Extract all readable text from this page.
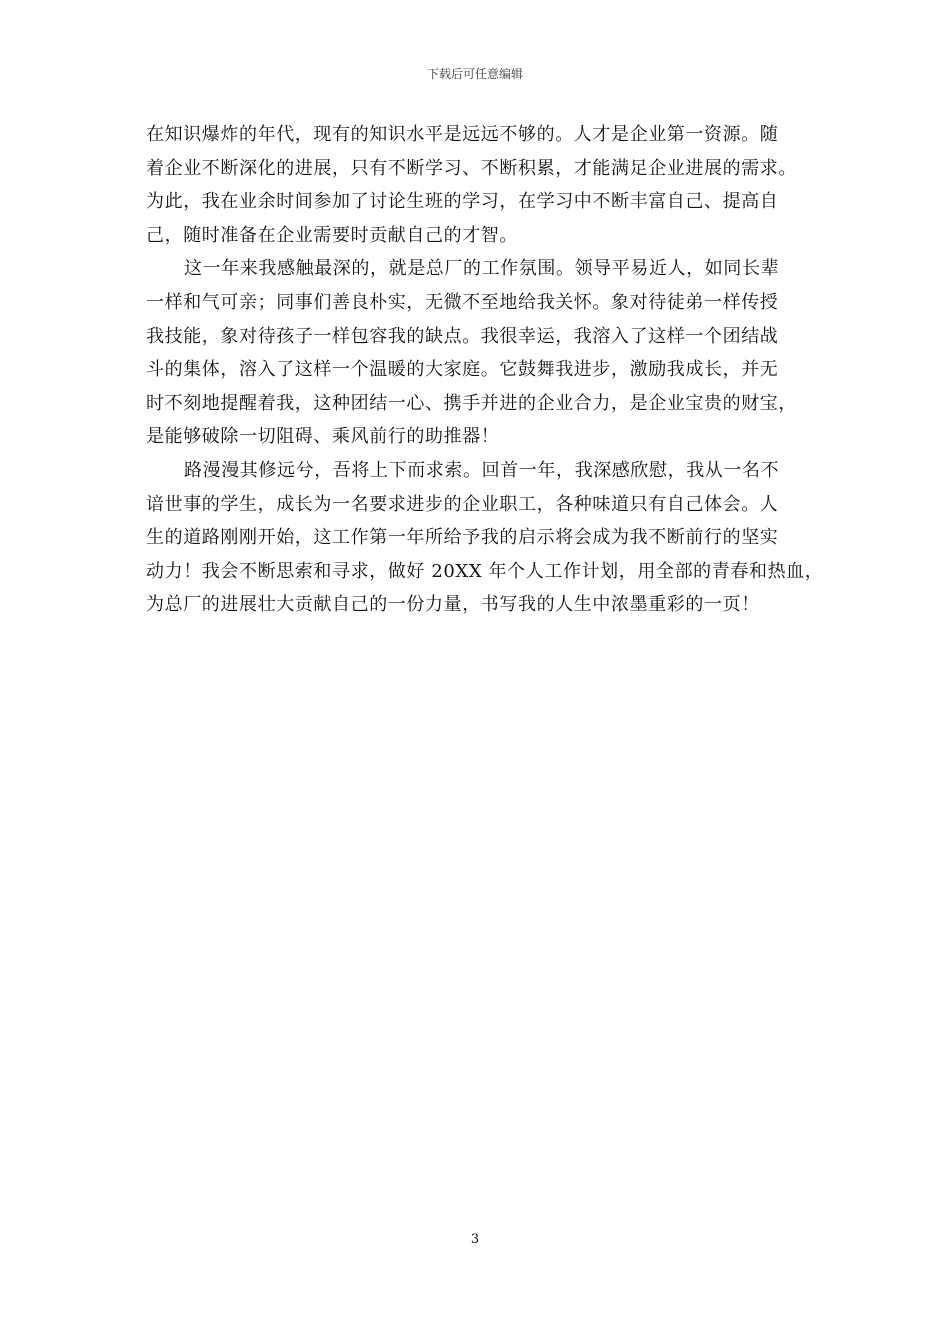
下载后可任意编辑
在知识爆炸的年代，现有的知识水平是远远不够的。人才是企业第一资源。随
着企业不断深化的进展，只有不断学习、不断积累，才能满足企业进展的需求。
为此，我在业余时间参加了讨论生班的学习，在学习中不断丰富自己、提高自
己，随时准备在企业需要时贡献自己的才智。
这一年来我感触最深的，就是总厂的工作氛围。领导平易近人，如同长辈
一样和气可亲；同事们善良朴实，无微不至地给我关怀。象对待徒弟一样传授
我技能，象对待孩子一样包容我的缺点。我很幸运，我溶入了这样一个团结战
斗的集体，溶入了这样一个温暖的大家庭。它鼓舞我进步，激励我成长，并无
时不刻地提醒着我，这种团结一心、携手并进的企业合力，是企业宝贵的财宝，
是能够破除一切阻碍、乘风前行的助推器！
路漫漫其修远兮，吾将上下而求索。回首一年，我深感欣慰，我从一名不
谙世事的学生，成长为一名要求进步的企业职工，各种味道只有自己体会。人
生的道路刚刚开始，这工作第一年所给予我的启示将会成为我不断前行的坚实
动力！我会不断思索和寻求，做好 20XX 年个人工作计划，用全部的青春和热血，
为总厂的进展壮大贡献自己的一份力量，书写我的人生中浓墨重彩的一页！
3
